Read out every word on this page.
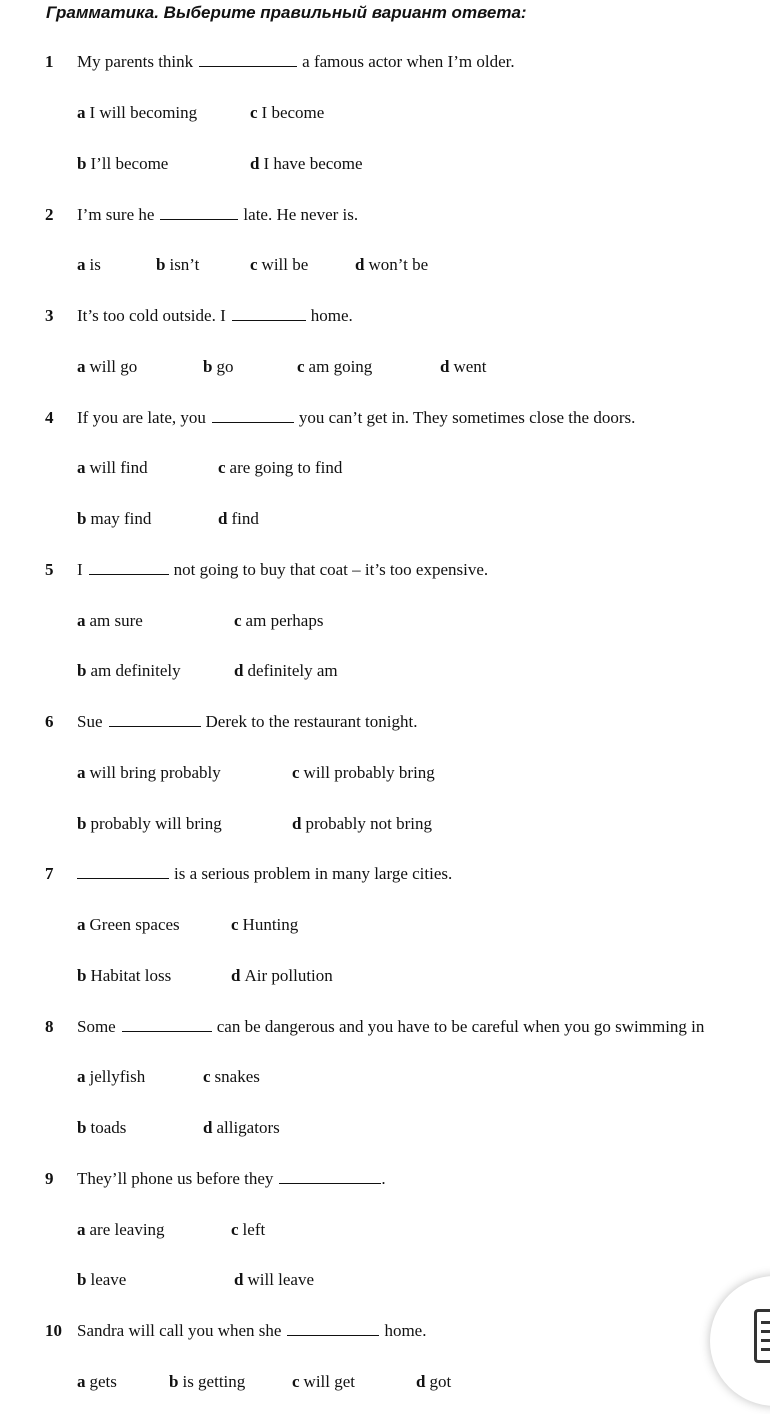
Грамматика. Выберите правильный вариант ответа:
1 My parents think	a famous actor when I’m older.
a I will becoming	c I become
b I’ll become	d I have become
2 I’m sure he	late. He never is.
a is	b isn’t	c will be	d won’t be
3 It’s too cold outside. I	home.
a will go	b go	c am going	d went
4 If you are late, you	you can’t get in. They sometimes close the doors.
a will find	c are going to find
b may find	d find
5 I	not going to buy that coat – it’s too expensive.
a am sure	c am perhaps
b am definitely	d definitely am
6 Sue	Derek to the restaurant tonight.
a will bring probably	c will probably bring
b probably will bring	d probably not bring
7	is a serious problem in many large cities.
a Green spaces	c Hunting
b Habitat loss	d Air pollution
8 Some	can be dangerous and you have to be careful when you go swimming in
a jellyfish	c snakes
b toads	d alligators
9 They’ll phone us before they	.
a are leaving	c left
b leave	d will leave
10 Sandra will call you when she	home.
a gets	b is getting	c will get	d got
